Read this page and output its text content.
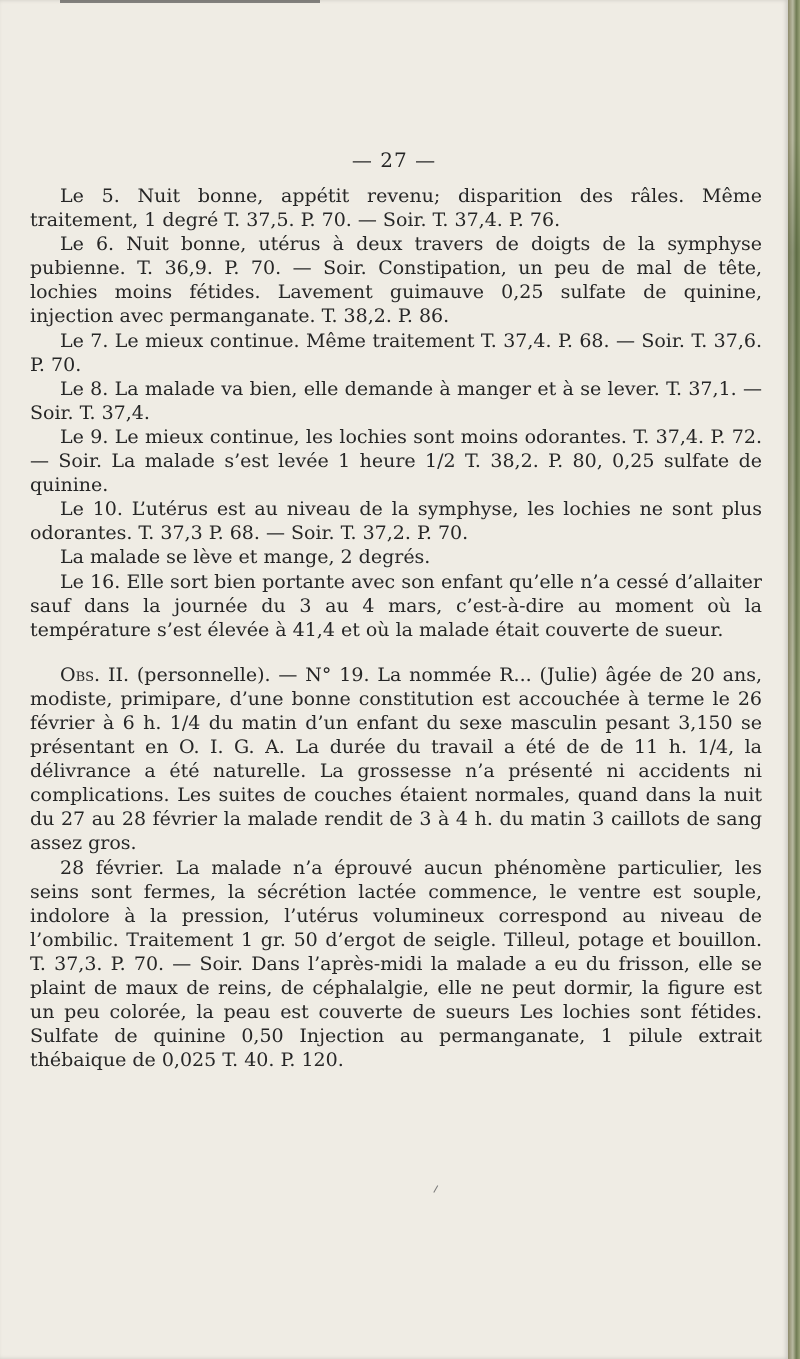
— 27 —

Le 5. Nuit bonne, appétit revenu; disparition des râles. Même traitement, 1 degré T. 37,5. P. 70. — Soir. T. 37,4. P. 76.

Le 6. Nuit bonne, utérus à deux travers de doigts de la symphyse pubienne. T. 36,9. P. 70. — Soir. Constipation, un peu de mal de tête, lochies moins fétides. Lavement guimauve 0,25 sulfate de quinine, injection avec permanganate. T. 38,2. P. 86.

Le 7. Le mieux continue. Même traitement T. 37,4. P. 68. — Soir. T. 37,6. P. 70.

Le 8. La malade va bien, elle demande à manger et à se lever. T. 37,1. — Soir. T. 37,4.

Le 9. Le mieux continue, les lochies sont moins odorantes. T. 37,4. P. 72. — Soir. La malade s’est levée 1 heure 1/2 T. 38,2. P. 80, 0,25 sulfate de quinine.

Le 10. L’utérus est au niveau de la symphyse, les lochies ne sont plus odorantes. T. 37,3 P. 68. — Soir. T. 37,2. P. 70.

La malade se lève et mange, 2 degrés.

Le 16. Elle sort bien portante avec son enfant qu’elle n’a cessé d’allaiter sauf dans la journée du 3 au 4 mars, c’est-à-dire au moment où la température s’est élevée à 41,4 et où la malade était couverte de sueur.

Obs. II. (personnelle). — N° 19. La nommée R... (Julie) âgée de 20 ans, modiste, primipare, d’une bonne constitution est accouchée à terme le 26 février à 6 h. 1/4 du matin d’un enfant du sexe masculin pesant 3,150 se présentant en O. I. G. A. La durée du travail a été de de 11 h. 1/4, la délivrance a été naturelle. La grossesse n’a présenté ni accidents ni complications. Les suites de couches étaient normales, quand dans la nuit du 27 au 28 février la malade rendit de 3 à 4 h. du matin 3 caillots de sang assez gros.

28 février. La malade n’a éprouvé aucun phénomène particulier, les seins sont fermes, la sécrétion lactée commence, le ventre est souple, indolore à la pression, l’utérus volumineux correspond au niveau de l’ombilic. Traitement 1 gr. 50 d’ergot de seigle. Tilleul, potage et bouillon. T. 37,3. P. 70. — Soir. Dans l’après-midi la malade a eu du frisson, elle se plaint de maux de reins, de céphalalgie, elle ne peut dormir, la figure est un peu colorée, la peau est couverte de sueurs Les lochies sont fétides. Sulfate de quinine 0,50 Injection au permanganate, 1 pilule extrait thébaique de 0,025 T. 40. P. 120.
